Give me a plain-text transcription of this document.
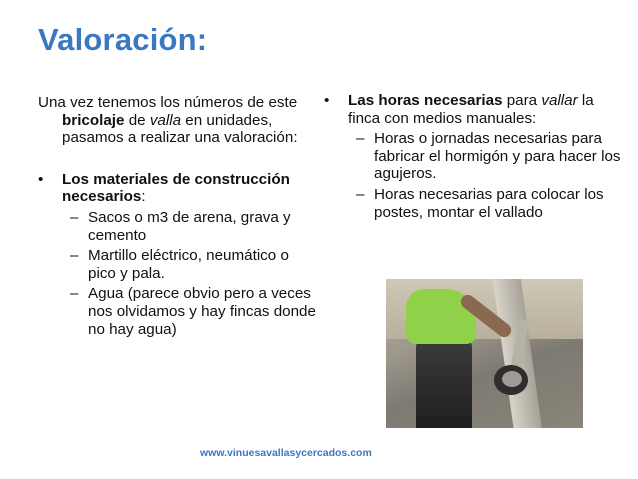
Valoración:
Una vez tenemos los números de este bricolaje de valla en unidades, pasamos a realizar una valoración:
•	Los materiales de construcción necesarios:
– Sacos o m3 de arena, grava y cemento
– Martillo eléctrico, neumático o pico y pala.
– Agua (parece obvio pero a veces nos olvidamos y hay fincas donde no hay agua)
•	Las horas necesarias para vallar la finca con medios manuales:
– Horas o jornadas necesarias para fabricar el hormigón y para hacer los agujeros.
– Horas necesarias para colocar los postes, montar el vallado
www.vinuesavallasycercados.com
